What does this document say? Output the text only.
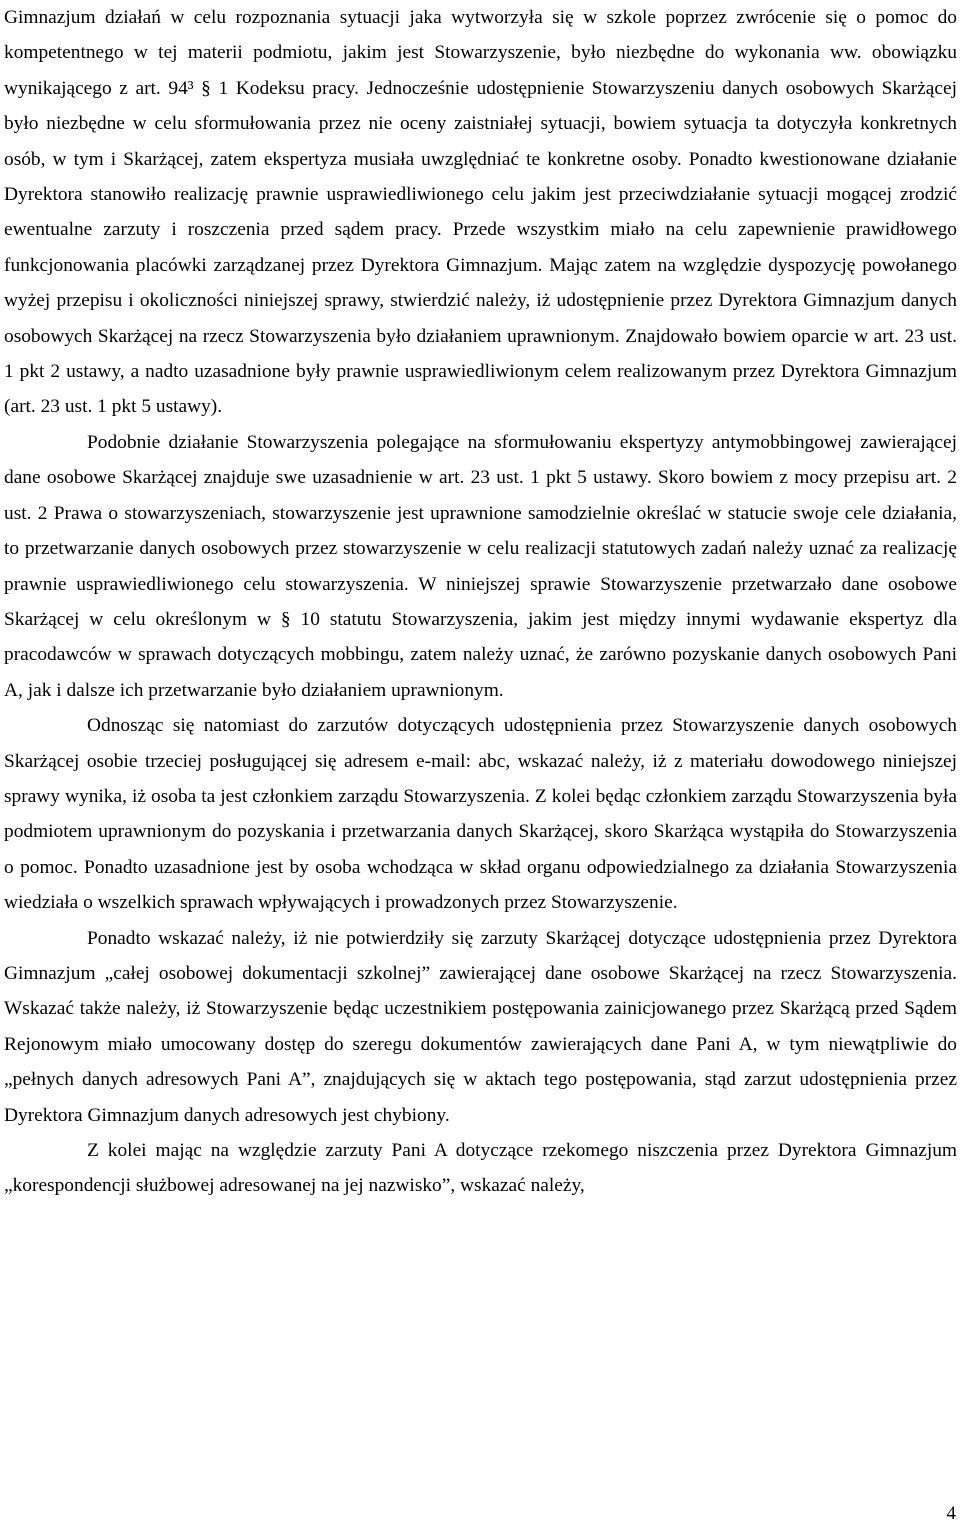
Gimnazjum działań w celu rozpoznania sytuacji jaka wytworzyła się w szkole poprzez zwrócenie się o pomoc do kompetentnego w tej materii podmiotu, jakim jest Stowarzyszenie, było niezbędne do wykonania ww. obowiązku wynikającego z art. 94³ § 1 Kodeksu pracy. Jednocześnie udostępnienie Stowarzyszeniu danych osobowych Skarżącej było niezbędne w celu sformułowania przez nie oceny zaistniałej sytuacji, bowiem sytuacja ta dotyczyła konkretnych osób, w tym i Skarżącej, zatem ekspertyza musiała uwzględniać te konkretne osoby. Ponadto kwestionowane działanie Dyrektora stanowiło realizację prawnie usprawiedliwionego celu jakim jest przeciwdziałanie sytuacji mogącej zrodzić ewentualne zarzuty i roszczenia przed sądem pracy. Przede wszystkim miało na celu zapewnienie prawidłowego funkcjonowania placówki zarządzanej przez Dyrektora Gimnazjum. Mając zatem na względzie dyspozycję powołanego wyżej przepisu i okoliczności niniejszej sprawy, stwierdzić należy, iż udostępnienie przez Dyrektora Gimnazjum danych osobowych Skarżącej na rzecz Stowarzyszenia było działaniem uprawnionym. Znajdowało bowiem oparcie w art. 23 ust. 1 pkt 2 ustawy, a nadto uzasadnione były prawnie usprawiedliwionym celem realizowanym przez Dyrektora Gimnazjum (art. 23 ust. 1 pkt 5 ustawy).

Podobnie działanie Stowarzyszenia polegające na sformułowaniu ekspertyzy antymobbingowej zawierającej dane osobowe Skarżącej znajduje swe uzasadnienie w art. 23 ust. 1 pkt 5 ustawy. Skoro bowiem z mocy przepisu art. 2 ust. 2 Prawa o stowarzyszeniach, stowarzyszenie jest uprawnione samodzielnie określać w statucie swoje cele działania, to przetwarzanie danych osobowych przez stowarzyszenie w celu realizacji statutowych zadań należy uznać za realizację prawnie usprawiedliwionego celu stowarzyszenia. W niniejszej sprawie Stowarzyszenie przetwarzało dane osobowe Skarżącej w celu określonym w § 10 statutu Stowarzyszenia, jakim jest między innymi wydawanie ekspertyz dla pracodawców w sprawach dotyczących mobbingu, zatem należy uznać, że zarówno pozyskanie danych osobowych Pani A, jak i dalsze ich przetwarzanie było działaniem uprawnionym.

Odnosząc się natomiast do zarzutów dotyczących udostępnienia przez Stowarzyszenie danych osobowych Skarżącej osobie trzeciej posługującej się adresem e-mail: abc, wskazać należy, iż z materiału dowodowego niniejszej sprawy wynika, iż osoba ta jest członkiem zarządu Stowarzyszenia. Z kolei będąc członkiem zarządu Stowarzyszenia była podmiotem uprawnionym do pozyskania i przetwarzania danych Skarżącej, skoro Skarżąca wystąpiła do Stowarzyszenia o pomoc. Ponadto uzasadnione jest by osoba wchodząca w skład organu odpowiedzialnego za działania Stowarzyszenia wiedziała o wszelkich sprawach wpływających i prowadzonych przez Stowarzyszenie.

Ponadto wskazać należy, iż nie potwierdziły się zarzuty Skarżącej dotyczące udostępnienia przez Dyrektora Gimnazjum „całej osobowej dokumentacji szkolnej” zawierającej dane osobowe Skarżącej na rzecz Stowarzyszenia. Wskazać także należy, iż Stowarzyszenie będąc uczestnikiem postępowania zainicjowanego przez Skarżącą przed Sądem Rejonowym miało umocowany dostęp do szeregu dokumentów zawierających dane Pani A, w tym niewątpliwie do „pełnych danych adresowych Pani A”, znajdujących się w aktach tego postępowania, stąd zarzut udostępnienia przez Dyrektora Gimnazjum danych adresowych jest chybiony.

Z kolei mając na względzie zarzuty Pani A dotyczące rzekomego niszczenia przez Dyrektora Gimnazjum „korespondencji służbowej adresowanej na jej nazwisko”, wskazać należy,

4
